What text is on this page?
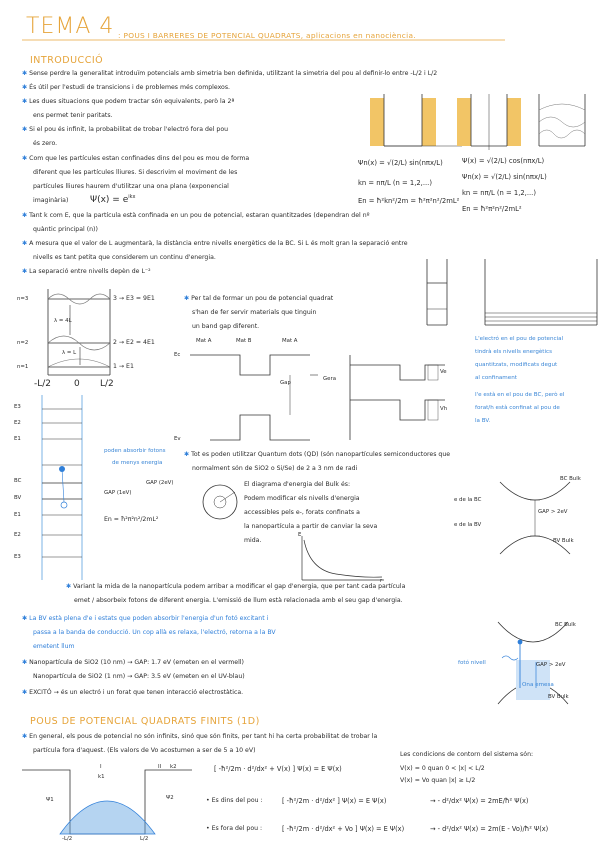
TEMA 4 : POUS I BARRERES DE POTENCIAL QUADRATS, aplicacions en nanociència.
INTRODUCCIÓ
✱ Sense perdre la generalitat introduïm potencials amb simetria ben definida, utilitzant la simetria del pou al definir-lo entre -L/2 i L/2
✱ És útil per l'estudi de transicions i de problemes més complexos.
✱ Les dues situacions que podem tractar són equivalents, però la 2ª
ens permet tenir paritats.
✱ Si el pou és infinit, la probabilitat de trobar l'electró fora del pou
és zero.
✱ Com que les partícules estan confinades dins del pou es mou de forma
diferent que les partícules lliures. Si descrivim el moviment de les
partícules lliures haurem d'utilitzar una ona plana (exponencial
imaginària) $\Psi(x) = e^{ikx}$
✱ Tant k com E, que la partícula està confinada en un pou de potencial, estaran quantitzades (dependran del nº
quàntic principal (n))
✱ A mesura que el valor de L augmentarà, la distància entre nivells energètics de la BC. Si L és molt gran la separació entre
nivells es tant petita que considerem un continu d'energia.
✱ La separació entre nivells depèn de L⁻²
Ψn(x) = √(2/L) sin(nπx/L)
kn = nπ/L (n = 1,2,...)
En = ħ²kn²/2m = ħ²π²n²/2mL²
Ψ(x) = √(2/L) cos(nπx/L)
Ψn(x) = √(2/L) sin(nπx/L)
kn = nπ/L (n = 1,2,...)
En = ħ²π²n²/2mL²
n=3
n=2
n=1
3 → E3 = 9E1
2 → E2 = 4E1
1 → E1
λ = 4L
λ = L
-L/2	0 L/2
✱ Per tal de formar un pou de potencial quadrat
s'han de fer servir materials que tinguin
un band gap diferent.
Mat A	Mat B	Mat A
Ec
Ev
Gap
Gera
Ve
Vh
L'electró en el pou de potencial
tindrà els nivells energètics
quantitzats, modificats degut
al confinament
I'e està en el pou de BC, però el
forat/h està confinat al pou de
la BV.
E3
E2
E1
BC
BV
E1
E2
E3
poden absorbir fotons
de menys energia
GAP (2eV)
GAP (1eV)
En = ħ²π²n²/2mL²
✱ Tot es poden utilitzar Quantum dots (QD) (són nanopartícules semiconductores que
normalment són de SiO2 o Si/Se) de 2 a 3 nm de radi
El diagrama d'energia del Bulk és:
Podem modificar els nivells d'energia
accessibles pels e-, forats confinats a
la nanopartícula a partir de canviar la seva
mida.
E
r
BC Bulk
BV Bulk
GAP > 2eV
e de la BC
e de la BV
✱ Variant la mida de la nanopartícula podem arribar a modificar el gap d'energia, que per tant cada partícula
emet / absorbeix fotons de diferent energia. L'emissió de llum està relacionada amb el seu gap d'energia.
✱ La BV està plena d'e i estats que poden absorbir l'energia d'un fotó excitant i
passa a la banda de conducció. Un cop allà es relaxa, l'electró, retorna a la BV
emetent llum
✱ Nanopartícula de SiO2 (10 nm) → GAP: 1.7 eV (emeten en el vermell)
Nanopartícula de SiO2 (1 nm) → GAP: 3.5 eV (emeten en el UV-blau)
✱ EXCITÓ → és un electró i un forat que tenen interacció electrostàtica.
BC Bulk
BV Bulk
GAP > 2eV
fotó nivell
Ona emesa
POUS DE POTENCIAL QUADRATS FINITS (1D)
✱ En general, els pous de potencial no són infinits, sinó que són finits, per tant hi ha certa probabilitat de trobar la
partícula fora d'aquest. (Els valors de Vo acostumen a ser de 5 a 10 eV)
Ψ1	Ψ2
I
k1
II k2
-L/2	L/2
[ -ħ²/2m · d²/dx² + V(x) ] Ψ(x) = E Ψ(x)
Les condicions de contorn del sistema són:
V(x) = 0 quan 0 < |x| < L/2
V(x) = Vo quan |x| ≥ L/2
• Es dins del pou :	[ -ħ²/2m · d²/dx² ] Ψ(x) = E Ψ(x)	→ - d²/dx² Ψ(x) = 2mE/ħ² Ψ(x)
• Es fora del pou :	[ -ħ²/2m · d²/dx² + Vo ] Ψ(x) = E Ψ(x)	→ - d²/dx² Ψ(x) = 2m(E - Vo)/ħ² Ψ(x)
